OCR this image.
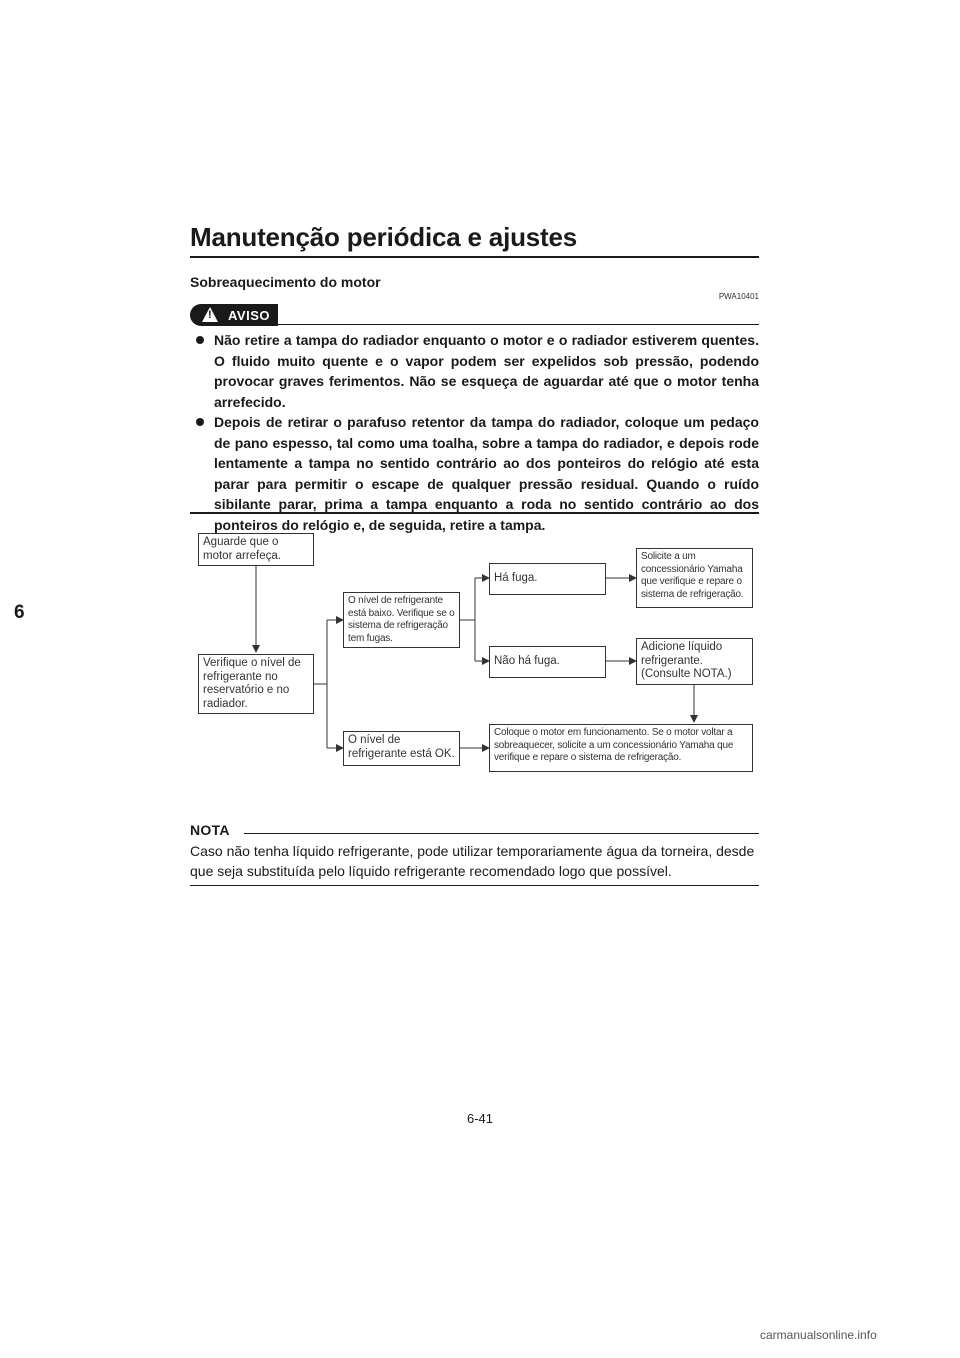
Manutenção periódica e ajustes
6
Sobreaquecimento do motor
PWA10401
! AVISO
Não retire a tampa do radiador enquanto o motor e o radiador estiverem quentes. O fluido muito quente e o vapor podem ser expelidos sob pressão, podendo provocar graves ferimentos. Não se esqueça de aguardar até que o motor tenha arrefecido.
Depois de retirar o parafuso retentor da tampa do radiador, coloque um pedaço de pano espesso, tal como uma toalha, sobre a tampa do radiador, e depois rode lentamente a tampa no sentido contrário ao dos ponteiros do relógio até esta parar para permitir o escape de qualquer pressão residual. Quando o ruído sibilante parar, prima a tampa enquanto a roda no sentido contrário ao dos ponteiros do relógio e, de seguida, retire a tampa.
Aguarde que o motor arrefeça.
Verifique o nível de refrigerante no reservatório e no radiador.
O nível de refrigerante está baixo. Verifique se o sistema de refrigeração tem fugas.
O nível de refrigerante está OK.
Há fuga.
Não há fuga.
Solicite a um concessionário Yamaha que verifique e repare o sistema de refrigeração.
Adicione líquido refrigerante. (Consulte NOTA.)
Coloque o motor em funcionamento. Se o motor voltar a sobreaquecer, solicite a um concessionário Yamaha que verifique e repare o sistema de refrigeração.
NOTA

Caso não tenha líquido refrigerante, pode utilizar temporariamente água da torneira, desde que seja substituída pelo líquido refrigerante recomendado logo que possível.

6-41
carmanualsonline.info
